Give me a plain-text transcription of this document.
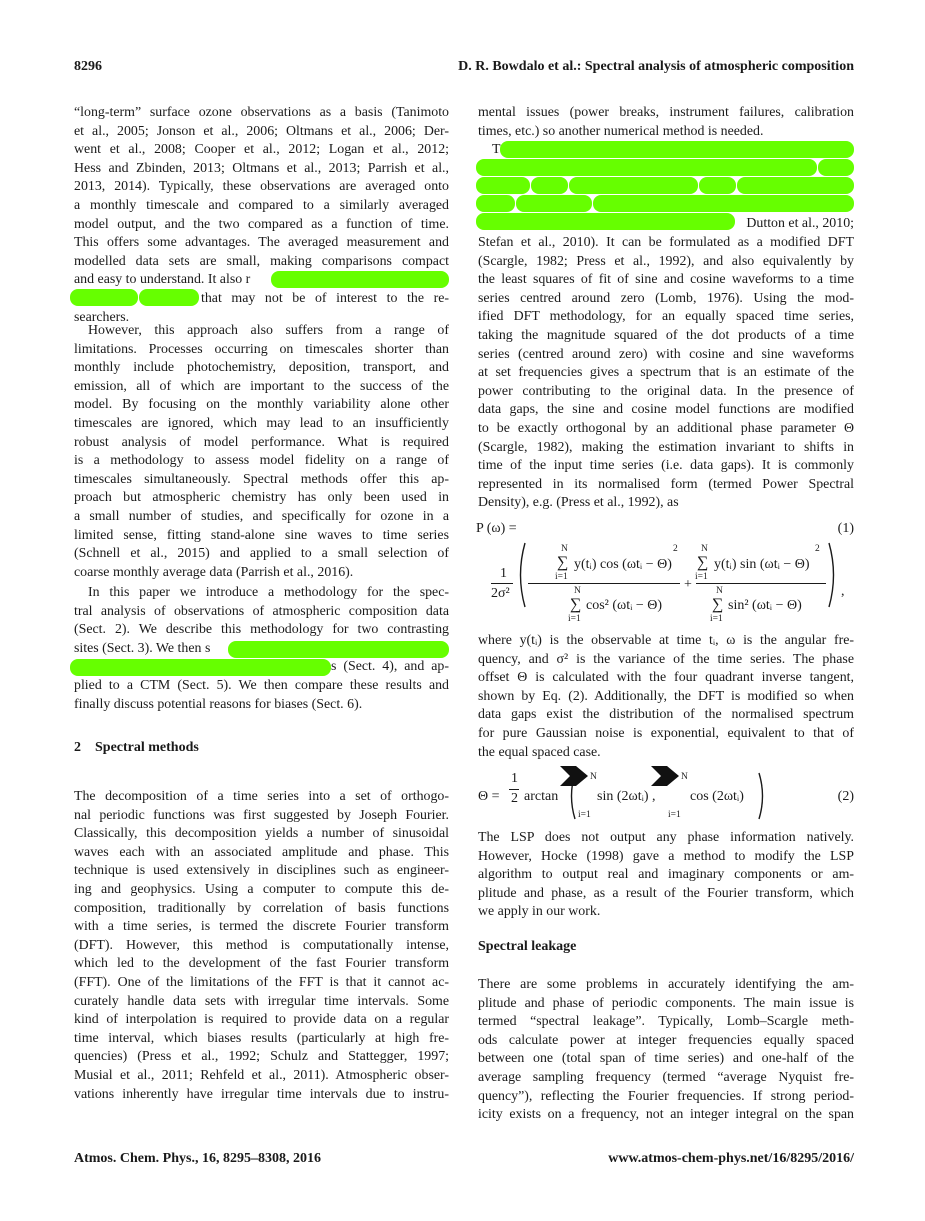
8296	D. R. Bowdalo et al.: Spectral analysis of atmospheric composition
Atmos. Chem. Phys., 16, 8295–8308, 2016	www.atmos-chem-phys.net/16/8295/2016/
“long-term” surface ozone observations as a basis (Tanimoto
et al., 2005; Jonson et al., 2006; Oltmans et al., 2006; Der-
went et al., 2008; Cooper et al., 2012; Logan et al., 2012;
Hess and Zbinden, 2013; Oltmans et al., 2013; Parrish et al.,
2013, 2014). Typically, these observations are averaged onto
a monthly timescale and compared to a similarly averaged
model output, and the two compared as a function of time.
This offers some advantages. The averaged measurement and
modelled data sets are small, making comparisons compact
and easy to understand. It also r
that may not be of interest to the re-
searchers.
However, this approach also suffers from a range of
limitations. Processes occurring on timescales shorter than
monthly include photochemistry, deposition, transport, and
emission, all of which are important to the success of the
model. By focusing on the monthly variability alone other
timescales are ignored, which may lead to an insufficiently
robust analysis of model performance. What is required
is a methodology to assess model fidelity on a range of
timescales simultaneously. Spectral methods offer this ap-
proach but atmospheric chemistry has only been used in
a small number of studies, and specifically for ozone in a
limited sense, fitting stand-alone sine waves to time series
(Schnell et al., 2015) and applied to a small selection of
coarse monthly average data (Parrish et al., 2016).
In this paper we introduce a methodology for the spec-
tral analysis of observations of atmospheric composition data
(Sect. 2). We describe this methodology for two contrasting
sites (Sect. 3). We then s
s (Sect. 4), and ap-
plied to a CTM (Sect. 5). We then compare these results and
finally discuss potential reasons for biases (Sect. 6).
The decomposition of a time series into a set of orthogo-
nal periodic functions was first suggested by Joseph Fourier.
Classically, this decomposition yields a number of sinusoidal
waves each with an associated amplitude and phase. This
technique is used extensively in disciplines such as engineer-
ing and geophysics. Using a computer to compute this de-
composition, traditionally by correlation of basis functions
with a time series, is termed the discrete Fourier transform
(DFT). However, this method is computationally intense,
which led to the development of the fast Fourier transform
(FFT). One of the limitations of the FFT is that it cannot ac-
curately handle data sets with irregular time intervals. Some
kind of interpolation is required to provide data on a regular
time interval, which biases results (particularly at high fre-
quencies) (Press et al., 1992; Schulz and Stattegger, 1997;
Musial et al., 2011; Rehfeld et al., 2011). Atmospheric obser-
vations inherently have irregular time intervals due to instru-
mental issues (power breaks, instrument failures, calibration
times, etc.) so another numerical method is needed.
T
Dutton et al., 2010;
Stefan et al., 2010). It can be formulated as a modified DFT
(Scargle, 1982; Press et al., 1992), and also equivalently by
the least squares of fit of sine and cosine waveforms to a time
series centred around zero (Lomb, 1976). Using the mod-
ified DFT methodology, for an equally spaced time series,
taking the magnitude squared of the dot products of a time
series (centred around zero) with cosine and sine waveforms
at set frequencies gives a spectrum that is an estimate of the
power contributing to the original data. In the presence of
data gaps, the sine and cosine model functions are modified
to be exactly orthogonal by an additional phase parameter Θ
(Scargle, 1982), making the estimation invariant to shifts in
time of the input time series (i.e. data gaps). It is commonly
represented in its normalised form (termed Power Spectral
Density), e.g. (Press et al., 1992), as
where y(tᵢ) is the observable at time tᵢ, ω is the angular fre-
quency, and σ² is the variance of the time series. The phase
offset Θ is calculated with the four quadrant inverse tangent,
shown by Eq. (2). Additionally, the DFT is modified so when
data gaps exist the distribution of the normalised spectrum
for pure Gaussian noise is exponential, equivalent to that of
the equal spaced case.
The LSP does not output any phase information natively.
However, Hocke (1998) gave a method to modify the LSP
algorithm to output real and imaginary components or am-
plitude and phase, as a result of the Fourier transform, which
we apply in our work.
There are some problems in accurately identifying the am-
plitude and phase of periodic components. The main issue is
termed “spectral leakage”. Typically, Lomb–Scargle meth-
ods calculate power at integer frequencies equally spaced
between one (total span of time series) and one-half of the
average sampling frequency (termed “average Nyquist fre-
quency”), reflecting the Fourier frequencies. If strong period-
icity exists on a frequency, not an integer integral on the span
2 Spectral methods
Spectral leakage
P (ω) =	(1)
1
2σ²
N
∑
i=1
y(tᵢ) cos (ωtᵢ − Θ)
2
N
∑
i=1
cos² (ωtᵢ − Θ)
+
N
∑
i=1
y(tᵢ) sin (ωtᵢ − Θ)
2
N
∑
i=1
sin² (ωtᵢ − Θ)
,
Θ =
1
2 arctan
N
i=1
sin (2ωtᵢ) ,
N
i=1
cos (2ωtᵢ)	(2)
